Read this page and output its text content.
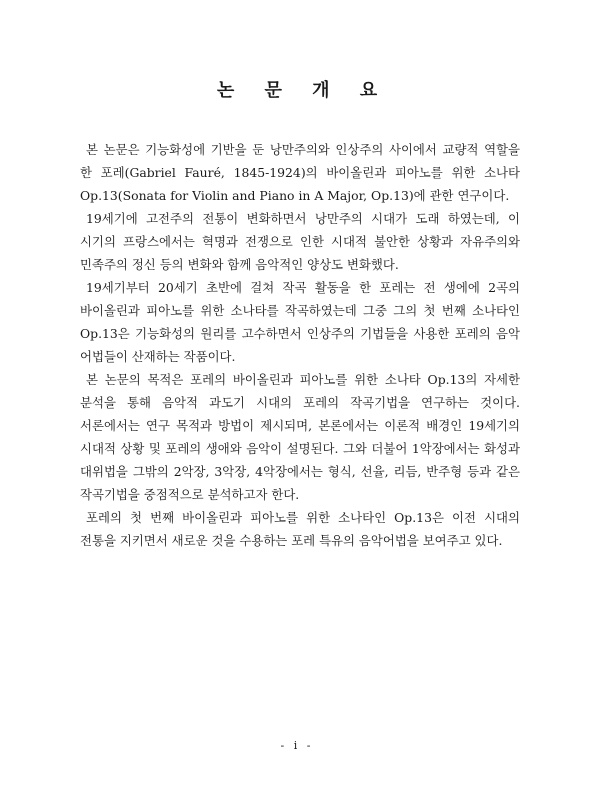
논 문 개 요

본 논문은 기능화성에 기반을 둔 낭만주의와 인상주의 사이에서 교량적 역할을 한 포레(Gabriel Fauré, 1845-1924)의 바이올린과 피아노를 위한 소나타 Op.13(Sonata for Violin and Piano in A Major, Op.13)에 관한 연구이다.

19세기에 고전주의 전통이 변화하면서 낭만주의 시대가 도래 하였는데, 이 시기의 프랑스에서는 혁명과 전쟁으로 인한 시대적 불안한 상황과 자유주의와 민족주의 정신 등의 변화와 함께 음악적인 양상도 변화했다.

19세기부터 20세기 초반에 걸쳐 작곡 활동을 한 포레는 전 생에에 2곡의 바이올린과 피아노를 위한 소나타를 작곡하였는데 그중 그의 첫 번째 소나타인 Op.13은 기능화성의 원리를 고수하면서 인상주의 기법들을 사용한 포레의 음악 어법들이 산재하는 작품이다.

본 논문의 목적은 포레의 바이올린과 피아노를 위한 소나타 Op.13의 자세한 분석을 통해 음악적 과도기 시대의 포레의 작곡기법을 연구하는 것이다. 서론에서는 연구 목적과 방법이 제시되며, 본론에서는 이론적 배경인 19세기의 시대적 상황 및 포레의 생애와 음악이 설명된다. 그와 더불어 1악장에서는 화성과 대위법을 그밖의 2악장, 3악장, 4악장에서는 형식, 선율, 리듬, 반주형 등과 같은 작곡기법을 중점적으로 분석하고자 한다.

포레의 첫 번째 바이올린과 피아노를 위한 소나타인 Op.13은 이전 시대의 전통을 지키면서 새로운 것을 수용하는 포레 특유의 음악어법을 보여주고 있다.

- i -
